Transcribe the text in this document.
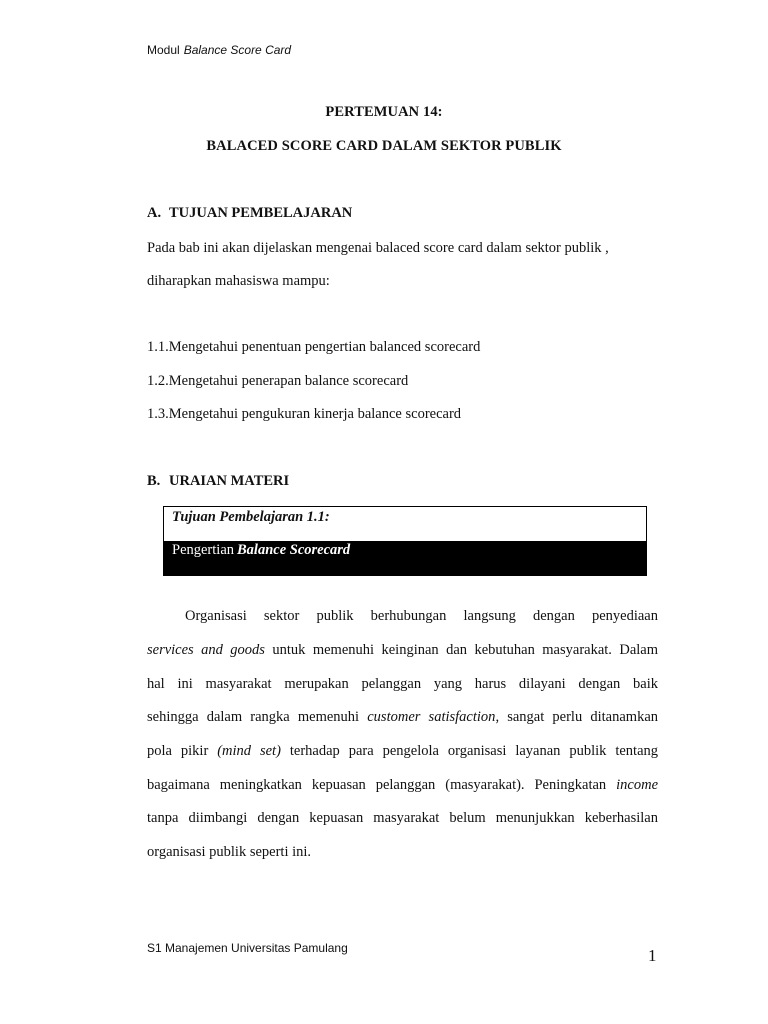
Modul Balance Score Card
PERTEMUAN 14:
BALACED SCORE CARD DALAM SEKTOR PUBLIK
A. TUJUAN PEMBELAJARAN
Pada bab ini akan dijelaskan mengenai balaced score card dalam sektor publik ,
diharapkan mahasiswa mampu:
1.1.Mengetahui penentuan pengertian balanced scorecard
1.2.Mengetahui penerapan balance scorecard
1.3.Mengetahui pengukuran kinerja balance scorecard
B. URAIAN MATERI
Tujuan Pembelajaran 1.1:
Pengertian Balance Scorecard
Organisasi sektor publik berhubungan langsung dengan penyediaan
services and goods untuk memenuhi keinginan dan kebutuhan masyarakat. Dalam
hal ini masyarakat merupakan pelanggan yang harus dilayani dengan baik
sehingga dalam rangka memenuhi customer satisfaction, sangat perlu ditanamkan
pola pikir (mind set) terhadap para pengelola organisasi layanan publik tentang
bagaimana meningkatkan kepuasan pelanggan (masyarakat). Peningkatan income
tanpa diimbangi dengan kepuasan masyarakat belum menunjukkan keberhasilan
organisasi publik seperti ini.
S1 Manajemen Universitas Pamulang	1
